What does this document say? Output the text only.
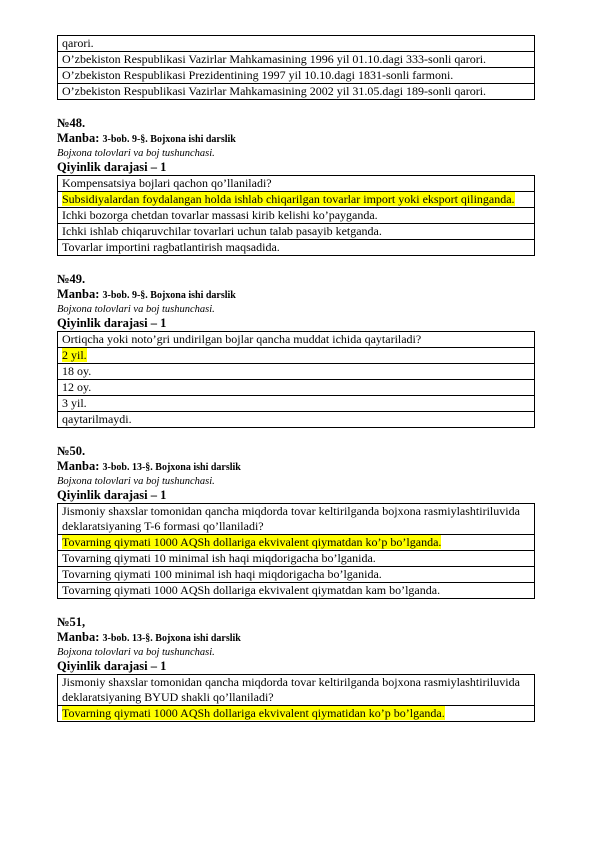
qarori.
O’zbekiston Respublikasi Vazirlar Mahkamasining 1996 yil 01.10.dagi 333-sonli qarori.
O’zbekiston Respublikasi Prezidentining 1997 yil 10.10.dagi 1831-sonli farmoni.
O’zbekiston Respublikasi Vazirlar Mahkamasining 2002 yil 31.05.dagi 189-sonli qarori.

№48.

Manba: 3-bob. 9-§. Bojxona ishi darslik

Bojxona tolovlari va boj tushunchasi.

Qiyinlik darajasi – 1

Kompensatsiya bojlari qachon qo’llaniladi?
Subsidiyalardan foydalangan holda ishlab chiqarilgan tovarlar import yoki eksport qilinganda.
Ichki bozorga chetdan tovarlar massasi kirib kelishi ko’payganda.
Ichki ishlab chiqaruvchilar tovarlari uchun talab pasayib ketganda.
Tovarlar importini ragbatlantirish maqsadida.

№49.

Manba: 3-bob. 9-§. Bojxona ishi darslik

Bojxona tolovlari va boj tushunchasi.

Qiyinlik darajasi – 1

Ortiqcha yoki noto’gri undirilgan bojlar qancha muddat ichida qaytariladi?
2 yil.
18 oy.
12 oy.
3 yil.
qaytarilmaydi.

№50.

Manba: 3-bob. 13-§. Bojxona ishi darslik

Bojxona tolovlari va boj tushunchasi.

Qiyinlik darajasi – 1

Jismoniy shaxslar tomonidan qancha miqdorda tovar keltirilganda bojxona rasmiylashtiriluvida deklaratsiyaning T-6 formasi qo’llaniladi?
Tovarning qiymati 1000 AQSh dollariga ekvivalent qiymatdan ko’p bo’lganda.
Tovarning qiymati 10 minimal ish haqi miqdorigacha bo’lganida.
Tovarning qiymati 100 minimal ish haqi miqdorigacha bo’lganida.
Tovarning qiymati 1000 AQSh dollariga ekvivalent qiymatdan kam bo’lganda.

№51,

Manba: 3-bob. 13-§. Bojxona ishi darslik

Bojxona tolovlari va boj tushunchasi.

Qiyinlik darajasi – 1

Jismoniy shaxslar tomonidan qancha miqdorda tovar keltirilganda bojxona rasmiylashtiriluvida deklaratsiyaning BYUD shakli qo’llaniladi?
Tovarning qiymati 1000 AQSh dollariga ekvivalent qiymatidan ko’p bo’lganda.
